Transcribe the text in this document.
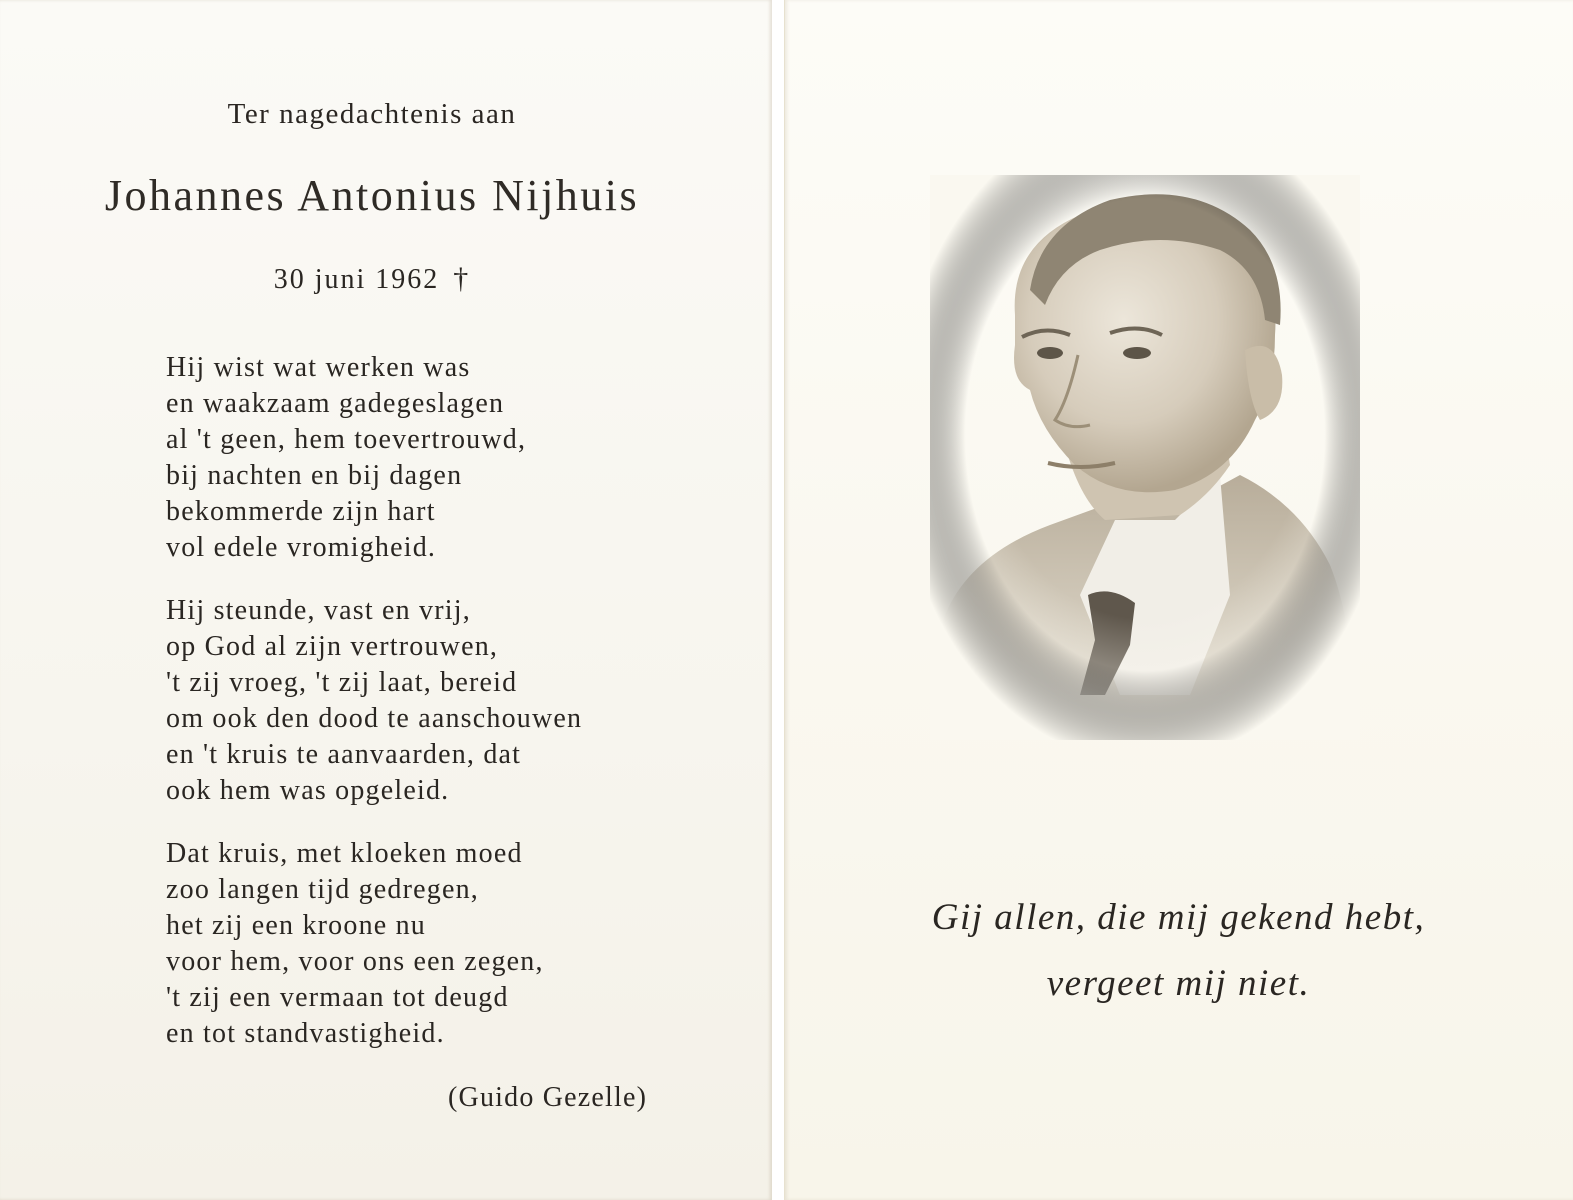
Ter nagedachtenis aan
Johannes Antonius Nijhuis
30 juni 1962 †
Hij wist wat werken was
en waakzaam gadegeslagen
al 't geen, hem toevertrouwd,
bij nachten en bij dagen
bekommerde zijn hart
vol edele vromigheid.
Hij steunde, vast en vrij,
op God al zijn vertrouwen,
't zij vroeg, 't zij laat, bereid
om ook den dood te aanschouwen
en 't kruis te aanvaarden, dat
ook hem was opgeleid.
Dat kruis, met kloeken moed
zoo langen tijd gedregen,
het zij een kroone nu
voor hem, voor ons een zegen,
't zij een vermaan tot deugd
en tot standvastigheid.
(Guido Gezelle)
Gij allen, die mij gekend hebt,
vergeet mij niet.
